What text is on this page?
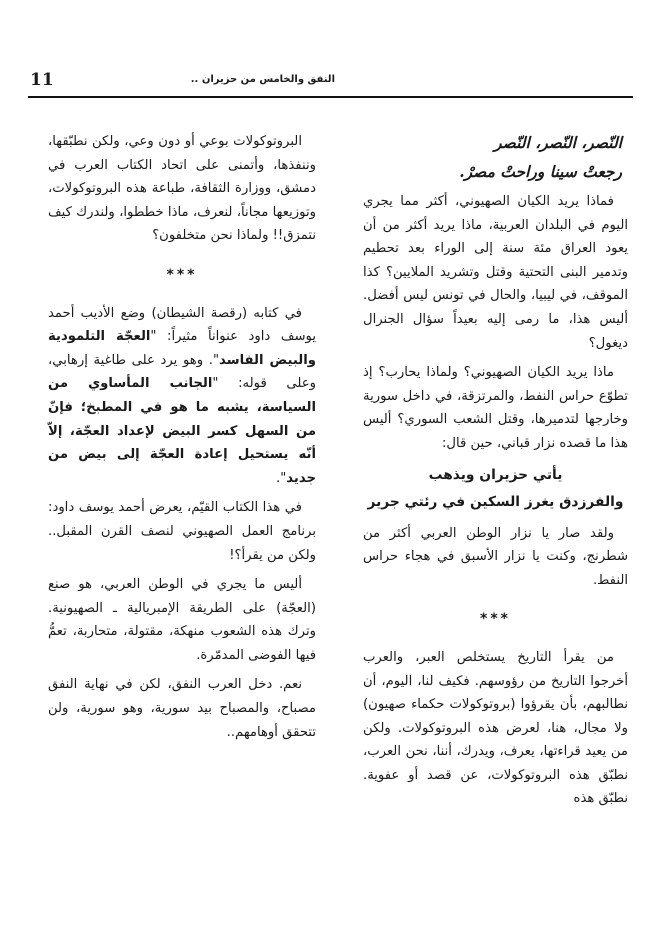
11	النفق والخامس من حزيران ..
النّصر، النّصر، النّصر
رجعتْ سينا وراحتْ مصرْ.

فماذا يريد الكيان الصهيوني، أكثر مما يجري اليوم في البلدان العربية، ماذا يريد أكثر من أن يعود العراق مئة سنة إلى الوراء بعد تحطيم وتدمير البنى التحتية وقتل وتشريد الملايين؟ كذا الموقف، في ليبيا، والحال في تونس ليس أفضل. أليس هذا، ما رمى إليه بعيداً سؤال الجنرال ديغول؟

ماذا يريد الكيان الصهيوني؟ ولماذا يحارب؟ إذ تطوّع حراس النفط، والمرتزقة، في داخل سورية وخارجها لتدميرها، وقتل الشعب السوري؟ أليس هذا ما قصده نزار قباني، حين قال:

يأتي حزيران ويذهب
والفرزدق يغرز السكين في رئتي جرير

ولقد صار يا نزار الوطن العربي أكثر من شطرنج، وكنت يا نزار الأسبق في هجاء حراس النفط.

***

من يقرأ التاريخ يستخلص العبر، والعرب أخرجوا التاريخ من رؤوسهم. فكيف لنا، اليوم، أن نطالبهم، بأن يقرؤوا (بروتوكولات حكماء صهيون) ولا مجال، هنا، لعرض هذه البروتوكولات. ولكن من يعيد قراءتها، يعرف، ويدرك، أننا، نحن العرب، نطبّق هذه البروتوكولات، عن قصد أو عفوية. نطبّق هذه

البروتوكولات بوعي أو دون وعي، ولكن نطبّقها، وننفذها، وأتمنى على اتحاد الكتاب العرب في دمشق، ووزارة الثقافة، طباعة هذه البروتوكولات، وتوزيعها مجاناً، لنعرف، ماذا خططوا، ولندرك كيف نتمزق!! ولماذا نحن متخلفون؟

***

في كتابه (رقصة الشيطان) وضع الأديب أحمد يوسف داود عنواناً مثيراً: "العجّة التلمودية والبيض الفاسد". وهو يرد على طاغية إرهابي، وعلى قوله: "الجانب المأساوي من السياسة، يشبه ما هو في المطبخ؛ فإنّ من السهل كسر البيض لإعداد العجّة، إلاّ أنّه يستحيل إعادة العجّة إلى بيض من جديد".

في هذا الكتاب القيّم، يعرض أحمد يوسف داود: برنامج العمل الصهيوني لنصف القرن المقبل.. ولكن من يقرأ؟!

أليس ما يجري في الوطن العربي، هو صنع (العجّة) على الطريقة الإمبريالية ـ الصهيونية. وترك هذه الشعوب منهكة، مقتولة، متحاربة، تعمُّ فيها الفوضى المدمّرة.

نعم. دخل العرب النفق، لكن في نهاية النفق مصباح، والمصباح بيد سورية، وهو سورية، ولن تتحقق أوهامهم..
